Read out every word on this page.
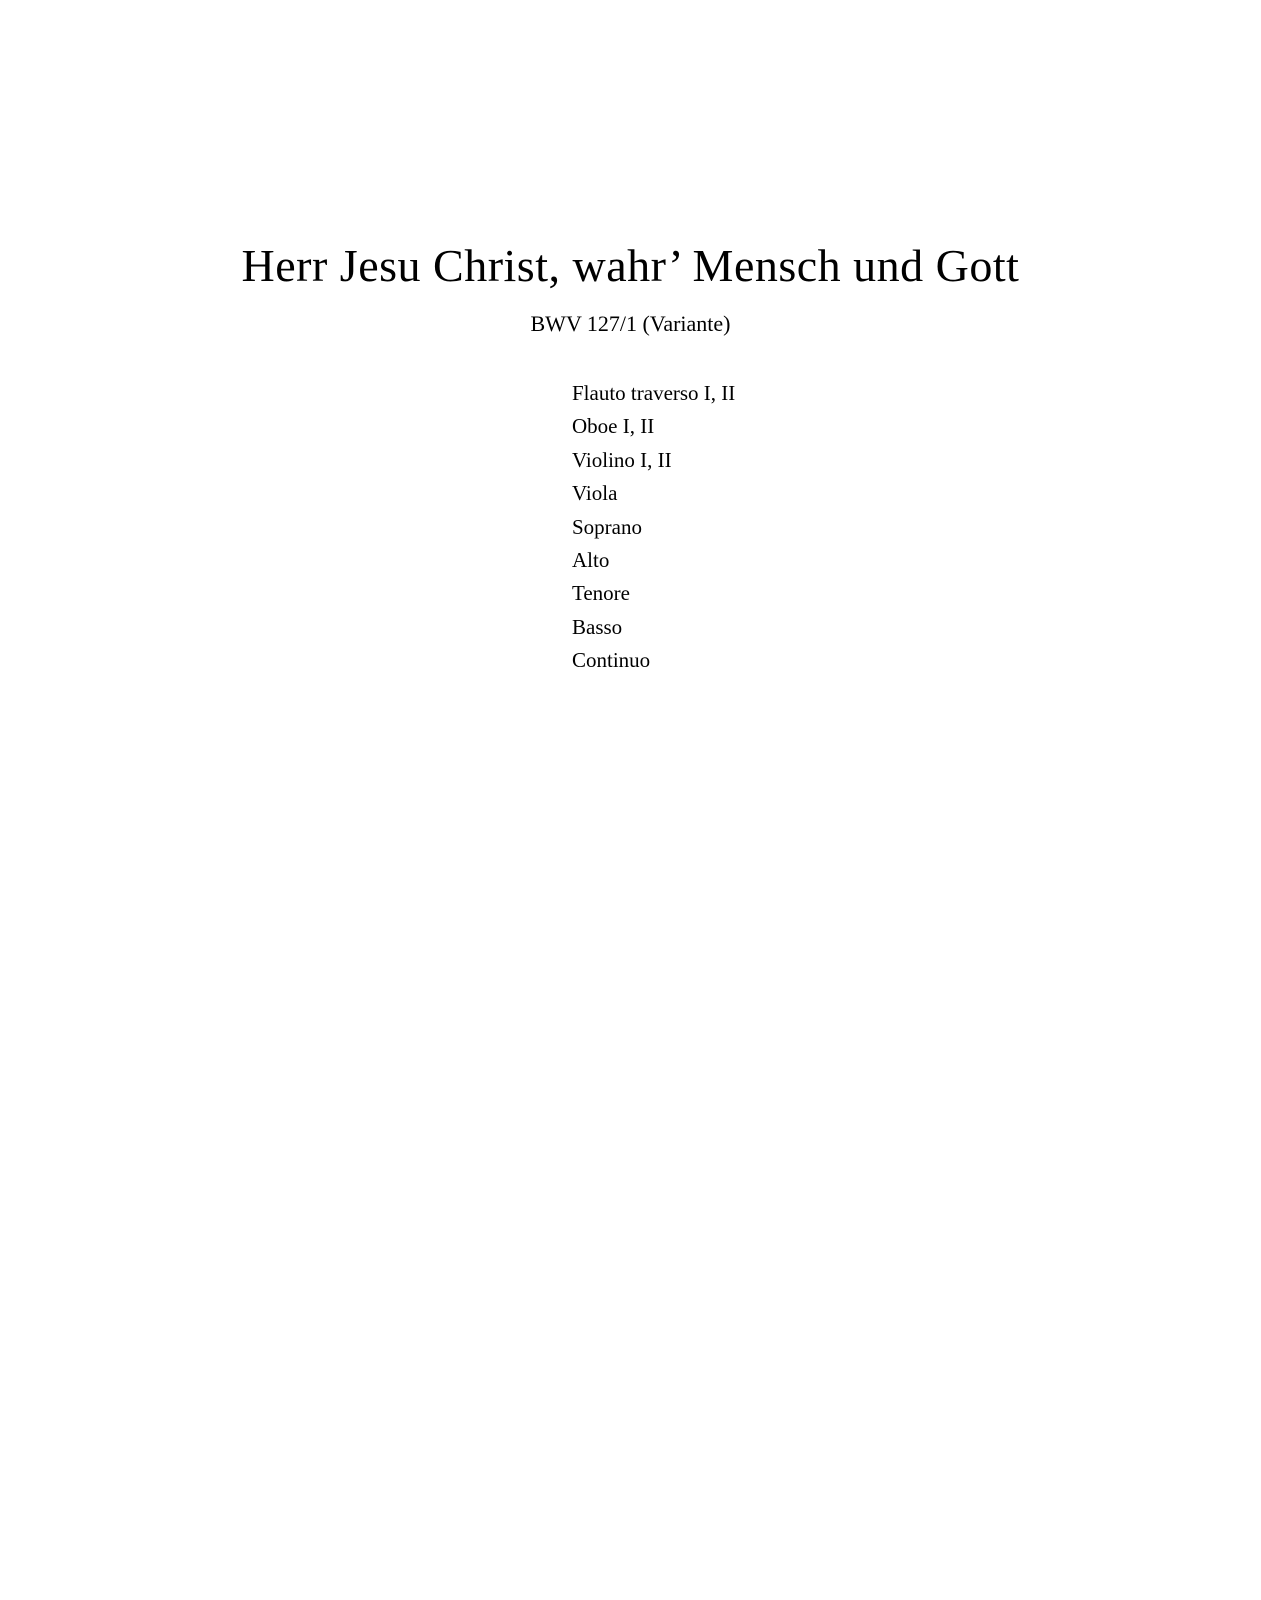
Herr Jesu Christ, wahr’ Mensch und Gott
BWV 127/1 (Variante)
Flauto traverso I, II
Oboe I, II
Violino I, II
Viola
Soprano
Alto
Tenore
Basso
Continuo
